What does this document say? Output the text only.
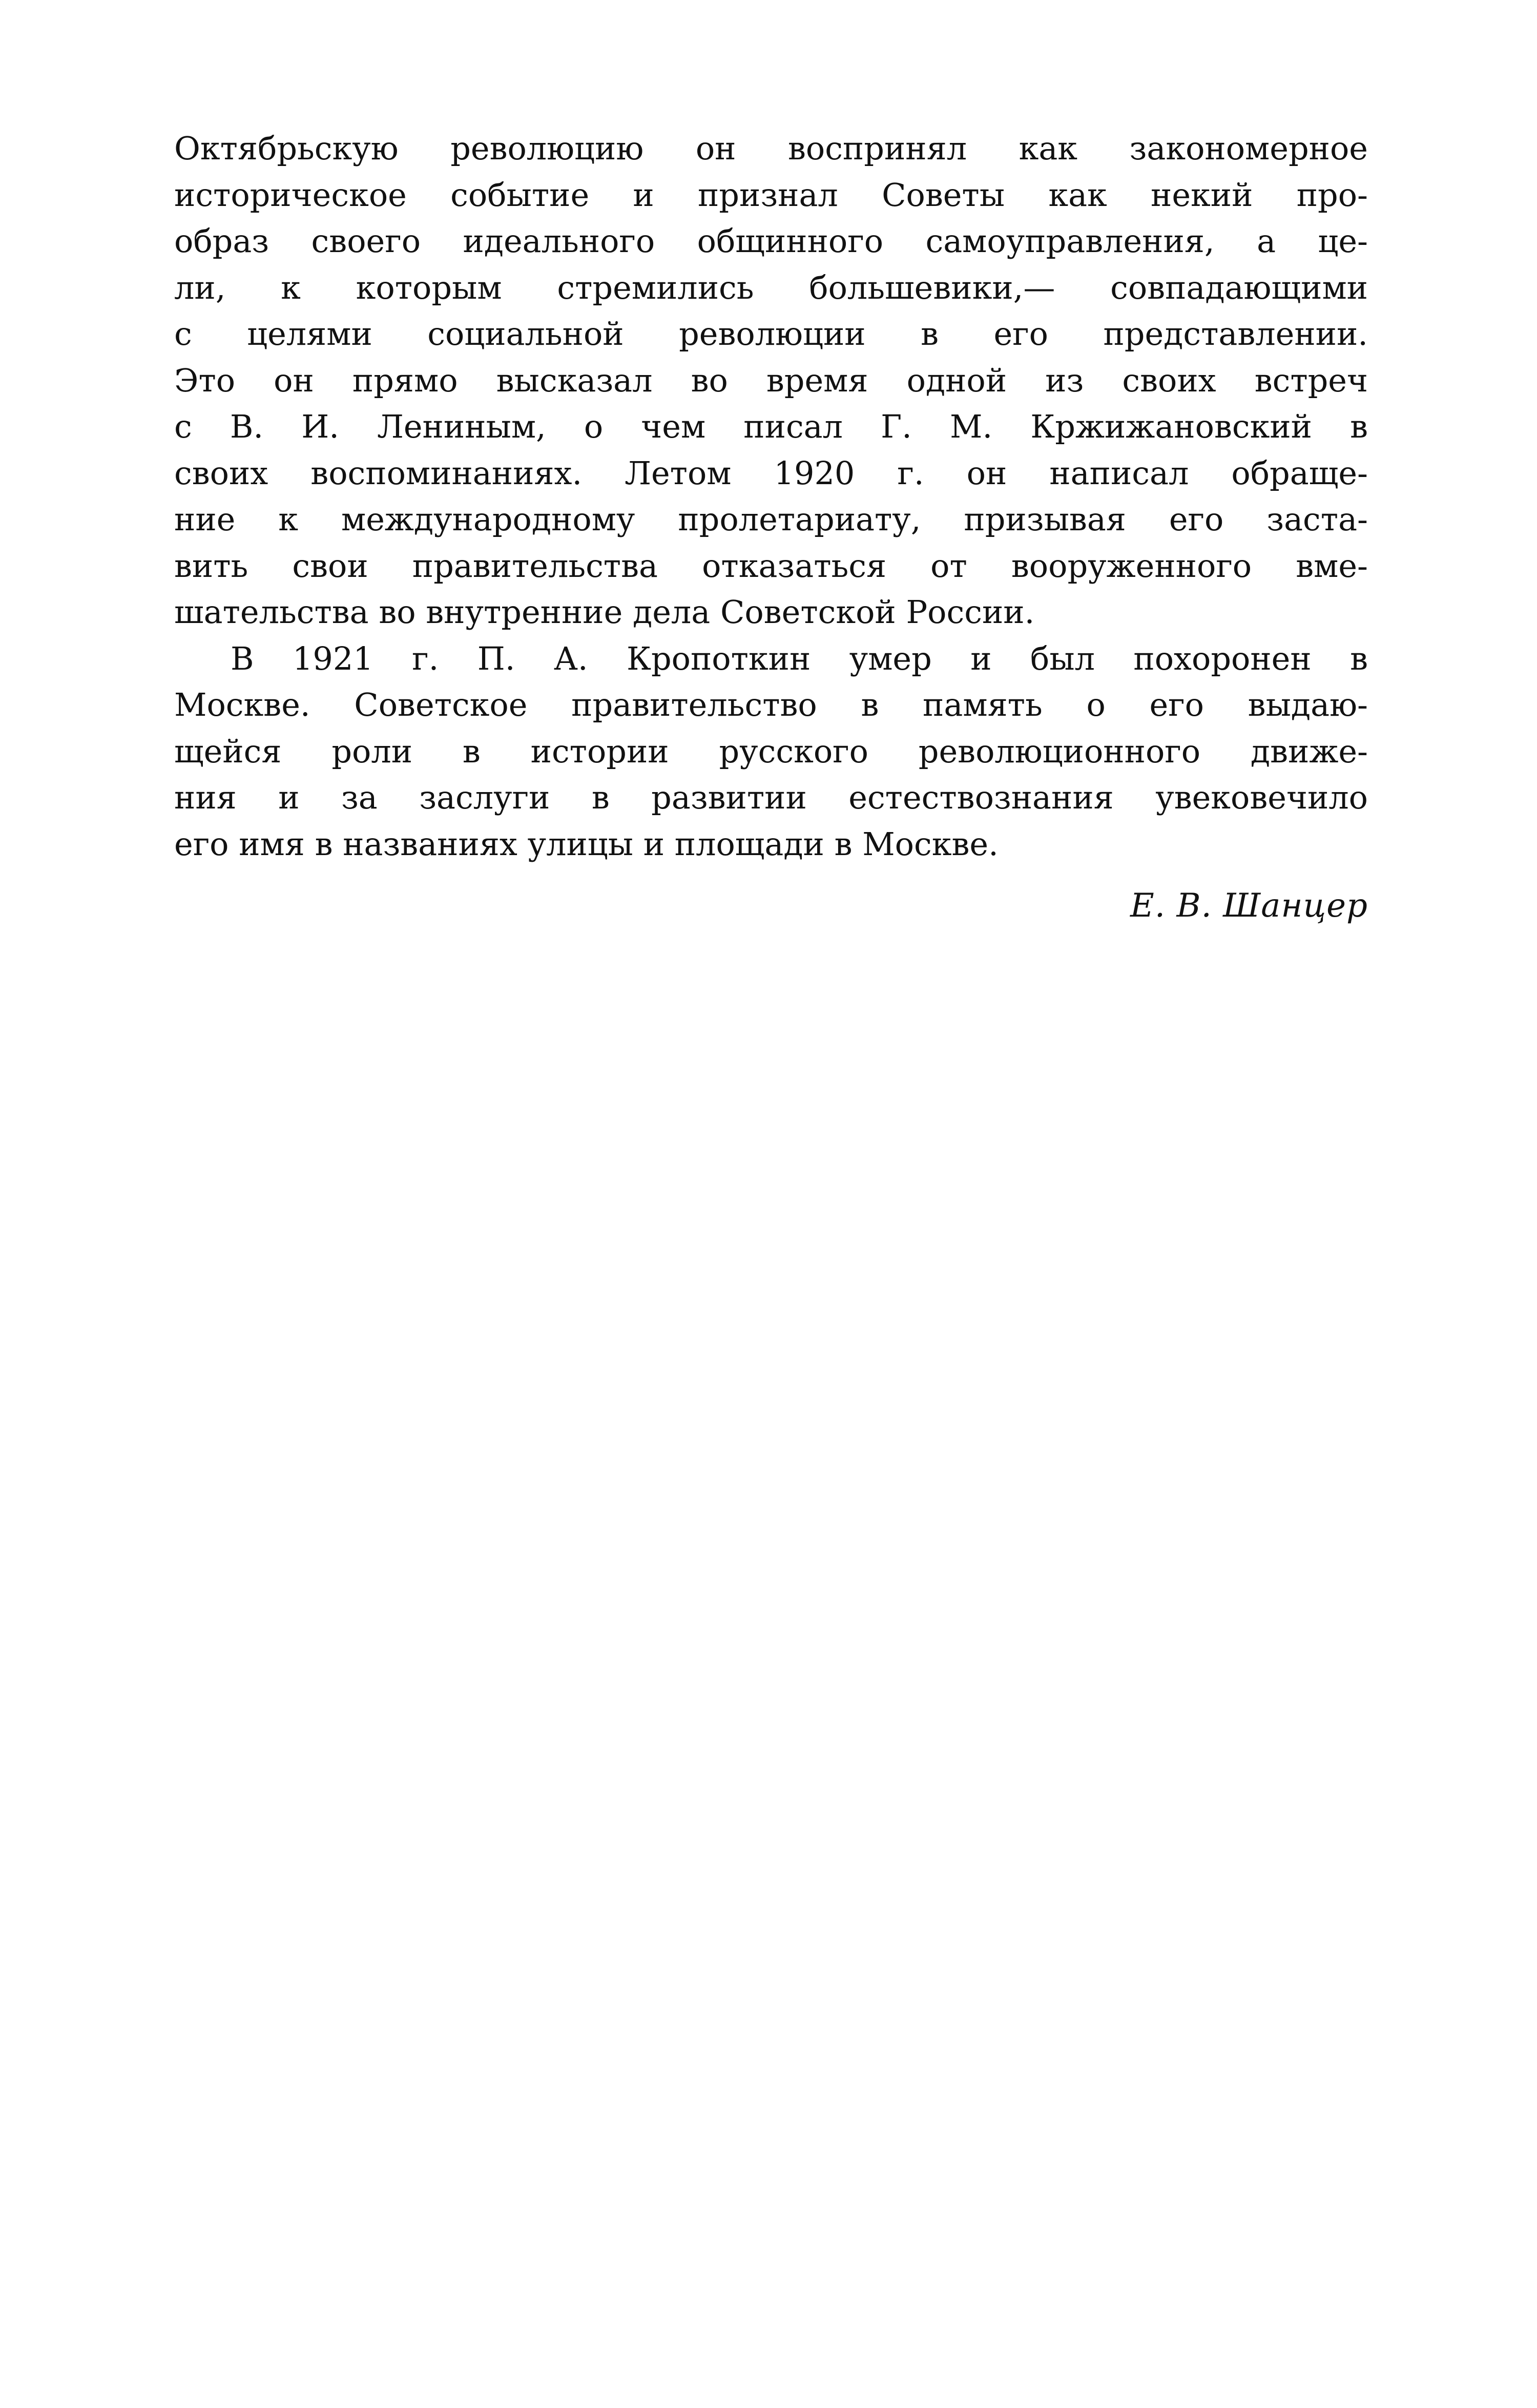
Октябрьскую революцию он воспринял как закономерное
историческое событие и признал Советы как некий про-
образ своего идеального общинного самоуправления, а це-
ли, к которым стремились большевики,— совпадающими
с целями социальной революции в его представлении.
Это он прямо высказал во время одной из своих встреч
с В. И. Лениным, о чем писал Г. М. Кржижановский в
своих воспоминаниях. Летом 1920 г. он написал обраще-
ние к международному пролетариату, призывая его заста-
вить свои правительства отказаться от вооруженного вме-
шательства во внутренние дела Советской России.
В 1921 г. П. А. Кропоткин умер и был похоронен в
Москве. Советское правительство в память о его выдаю-
щейся роли в истории русского революционного движе-
ния и за заслуги в развитии естествознания увековечило
его имя в названиях улицы и площади в Москве.
Е. В. Шанцер
